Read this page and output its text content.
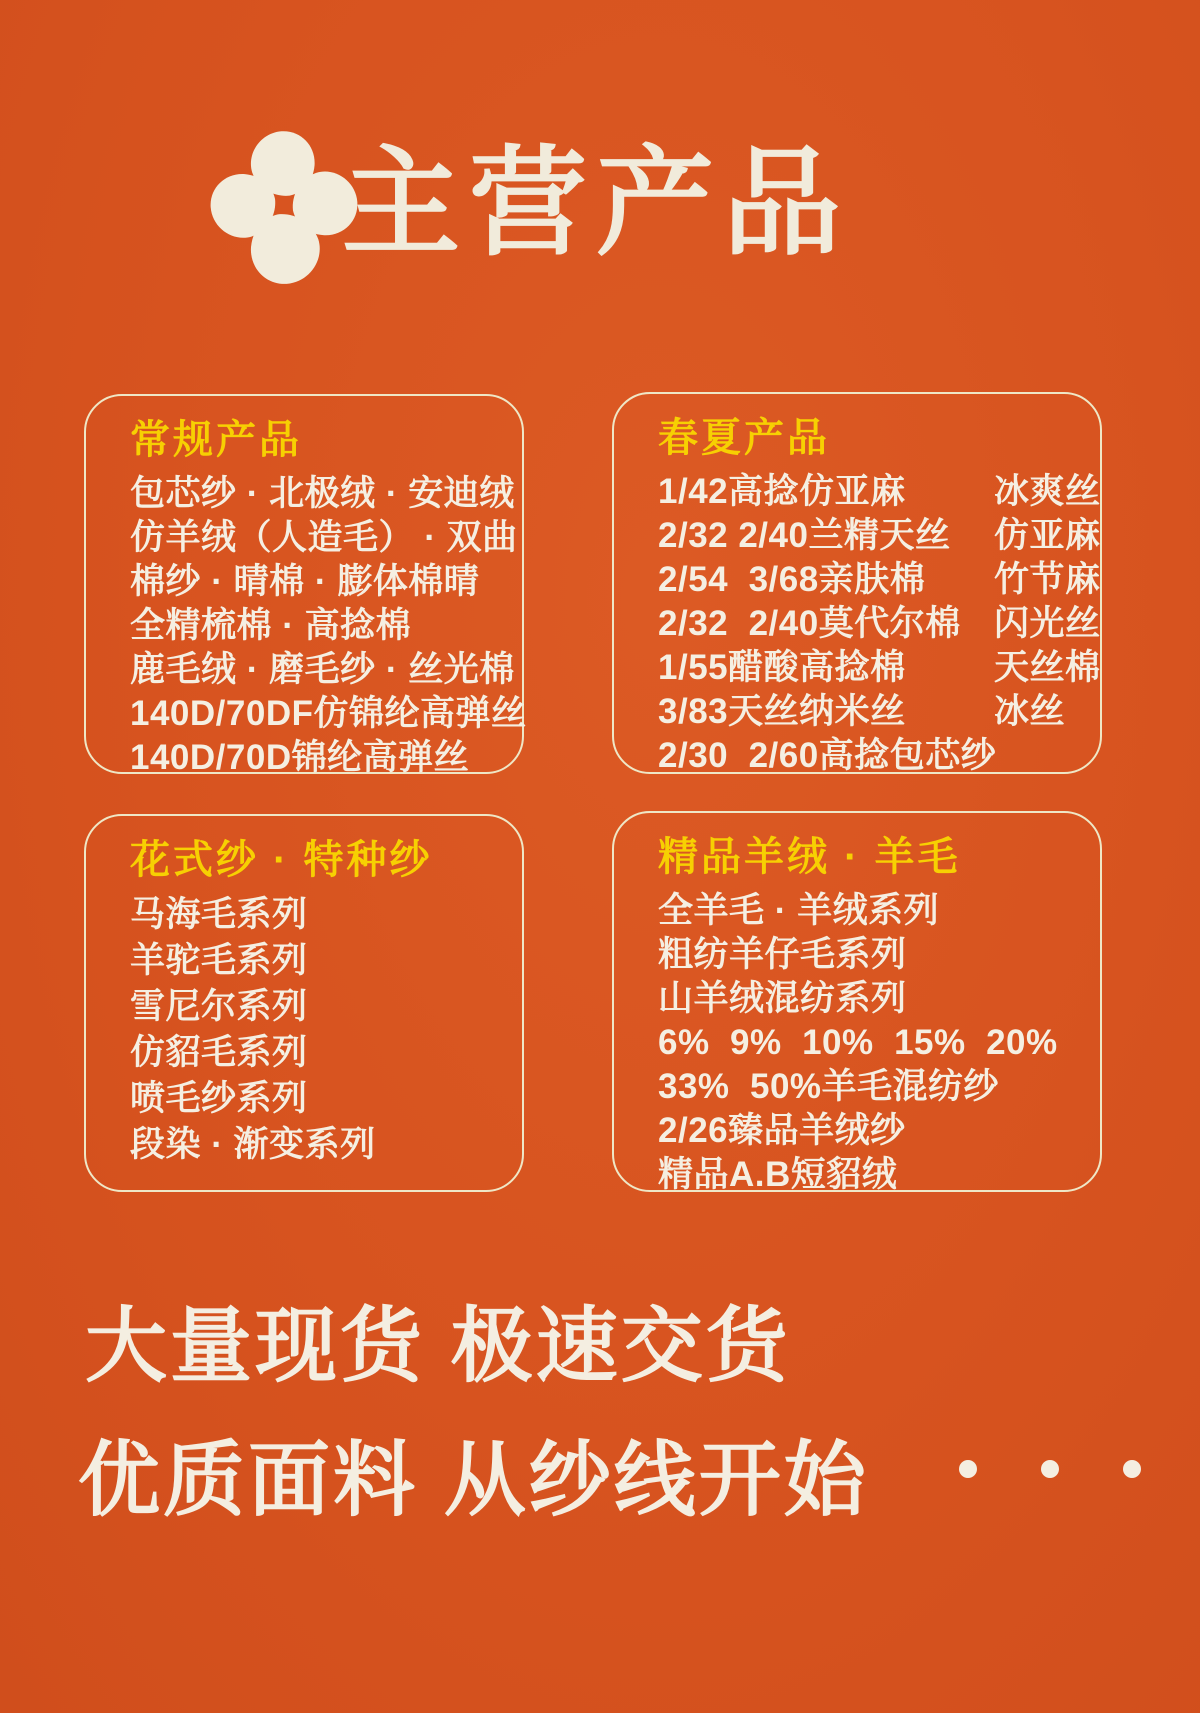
主营产品
常规产品
包芯纱 · 北极绒 · 安迪绒
仿羊绒（人造毛） · 双曲
棉纱 · 晴棉 · 膨体棉晴
全精梳棉 · 高捻棉
鹿毛绒 · 磨毛纱 · 丝光棉
140D/70DF仿锦纶高弹丝
140D/70D锦纶高弹丝
春夏产品
1/42高捻仿亚麻	冰爽丝
2/32 2/40兰精天丝	仿亚麻
2/54  3/68亲肤棉	竹节麻
2/32  2/40莫代尔棉 闪光丝
1/55醋酸高捻棉	天丝棉
3/83天丝纳米丝	冰丝
2/30  2/60高捻包芯纱
花式纱 · 特种纱
马海毛系列
羊驼毛系列
雪尼尔系列
仿貂毛系列
喷毛纱系列
段染 · 渐变系列
精品羊绒 · 羊毛
全羊毛 · 羊绒系列
粗纺羊仔毛系列
山羊绒混纺系列
6%  9%  10%  15%  20%
33%  50%羊毛混纺纱
2/26臻品羊绒纱
精品A.B短貂绒
大量现货 极速交货
优质面料 从纱线开始
